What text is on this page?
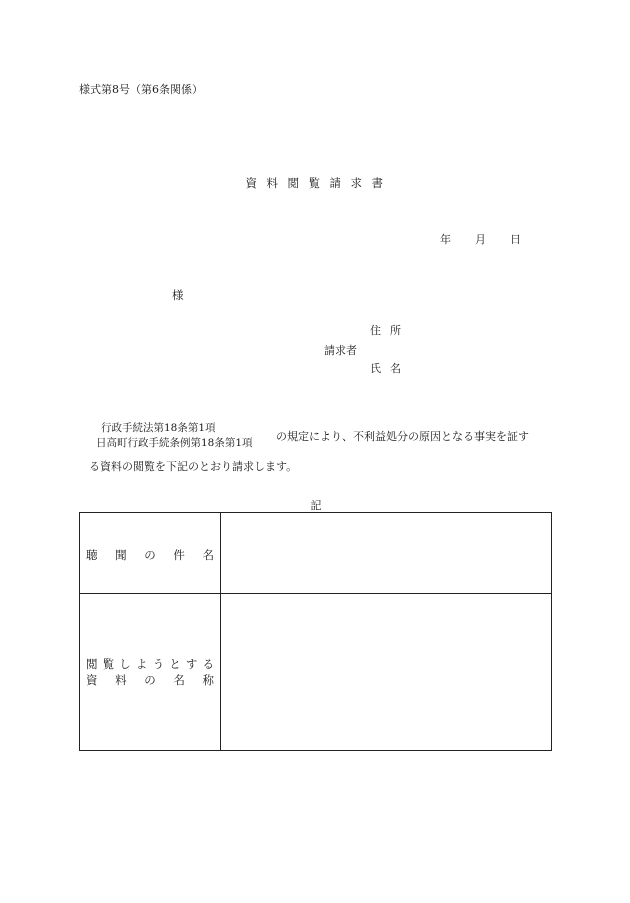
様式第8号（第6条関係）
資料閲覧請求書
年 月 日
様
住所
請求者
氏名
行政手続法第18条第1項
日高町行政手続条例第18条第1項 の規定により、不利益処分の原因となる事実を証す
る資料の閲覧を下記のとおり請求します。
記
聴 聞 の 件 名
閲 覧 し よ う と す る
資 料 の 名 称
